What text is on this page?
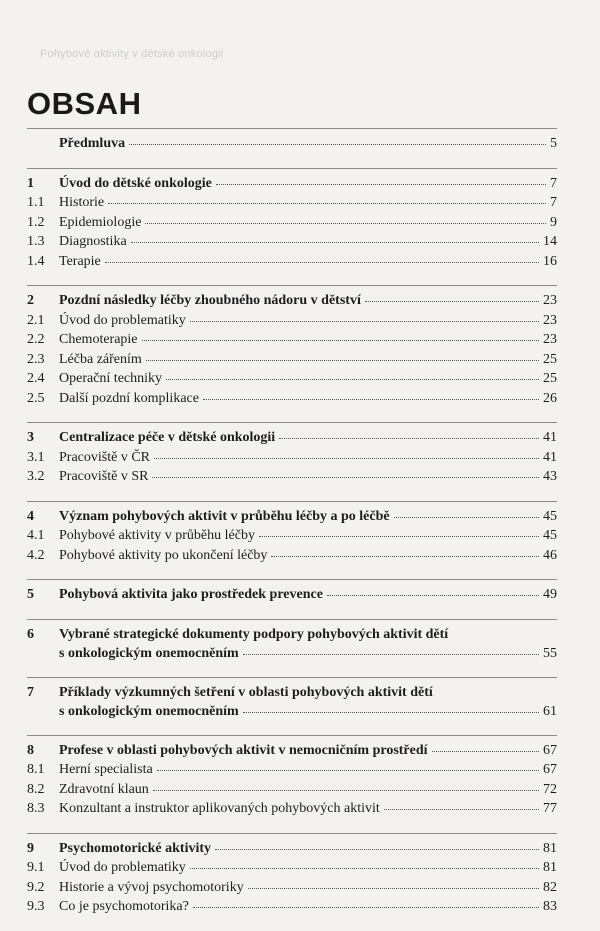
Pohybové aktivity v dětské onkologii
OBSAH
Předmluva	5
1	Úvod do dětské onkologie	7
1.1	Historie	7
1.2	Epidemiologie	9
1.3	Diagnostika	14
1.4	Terapie	16
2	Pozdní následky léčby zhoubného nádoru v dětství	23
2.1	Úvod do problematiky	23
2.2	Chemoterapie	23
2.3	Léčba zářením	25
2.4	Operační techniky	25
2.5	Další pozdní komplikace	26
3	Centralizace péče v dětské onkologii	41
3.1	Pracoviště v ČR	41
3.2	Pracoviště v SR	43
4	Význam pohybových aktivit v průběhu léčby a po léčbě	45
4.1	Pohybové aktivity v průběhu léčby	45
4.2	Pohybové aktivity po ukončení léčby	46
5	Pohybová aktivita jako prostředek prevence	49
6	Vybrané strategické dokumenty podpory pohybových aktivit dětí
s onkologickým onemocněním	55
7	Příklady výzkumných šetření v oblasti pohybových aktivit dětí
s onkologickým onemocněním	61
8	Profese v oblasti pohybových aktivit v nemocničním prostředí	67
8.1	Herní specialista	67
8.2	Zdravotní klaun	72
8.3	Konzultant a instruktor aplikovaných pohybových aktivit	77
9	Psychomotorické aktivity	81
9.1	Úvod do problematiky	81
9.2	Historie a vývoj psychomotoriky	82
9.3	Co je psychomotorika?	83
